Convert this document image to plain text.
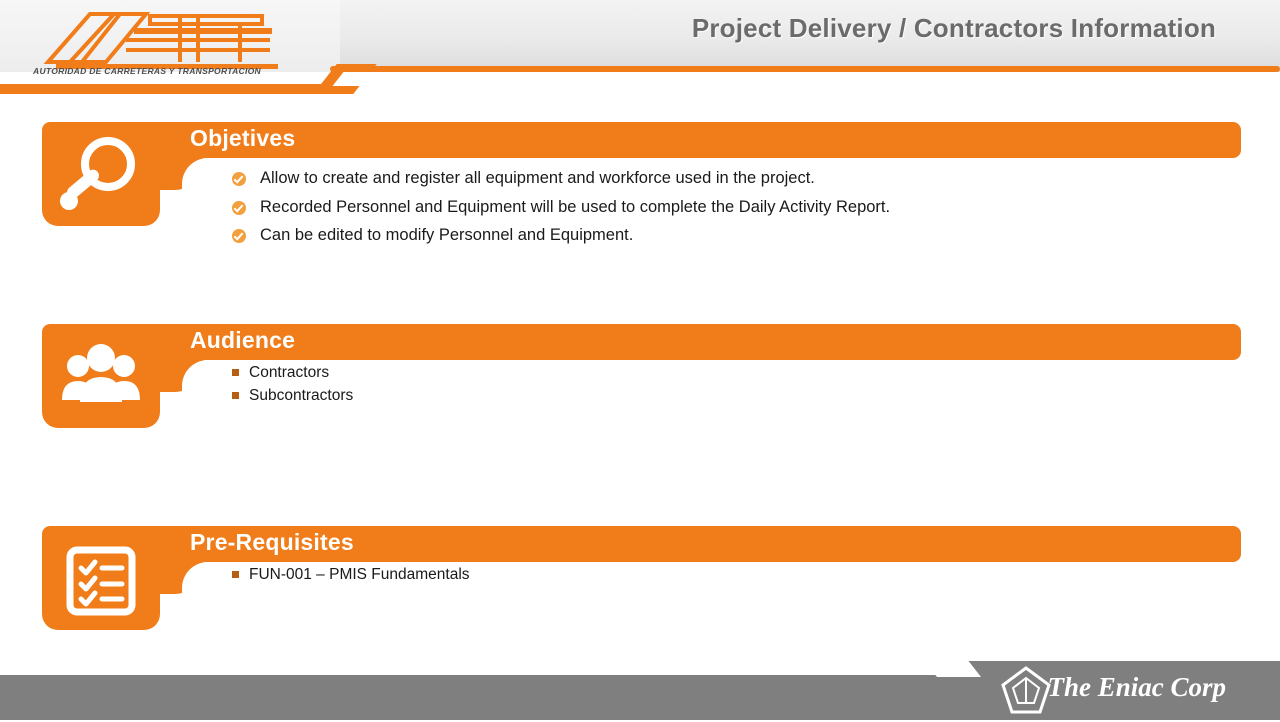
Project Delivery / Contractors Information
AUTORIDAD DE CARRETERAS Y TRANSPORTACION
Objetives
Allow to create and register all equipment and workforce used in the project.
Recorded Personnel and Equipment will be used to complete the Daily Activity Report.
Can be edited to modify Personnel and Equipment.
Audience
Contractors
Subcontractors
Pre-Requisites
FUN-001 – PMIS Fundamentals
The Eniac Corp
